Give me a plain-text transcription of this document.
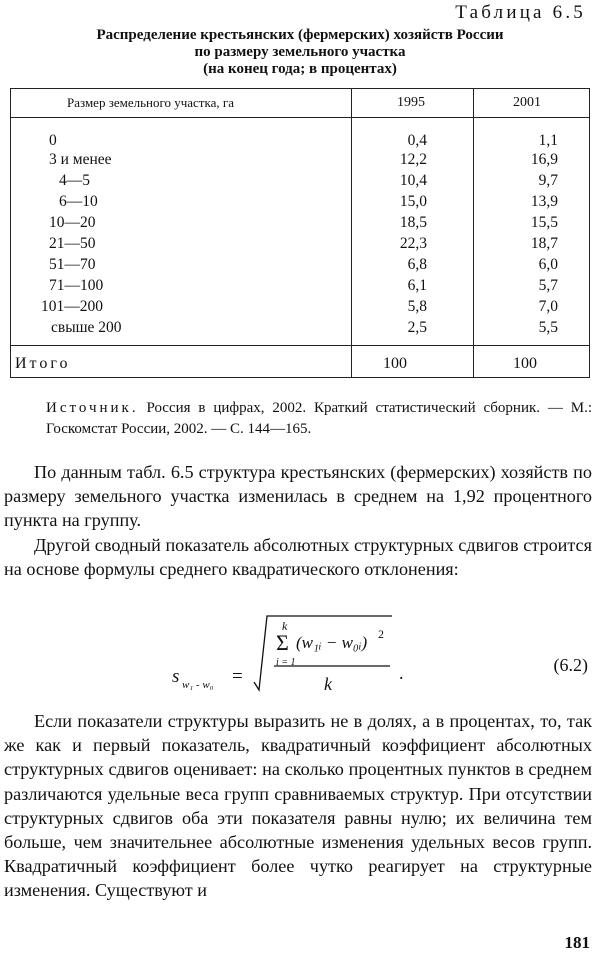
Таблица 6.5
Распределение крестьянских (фермерских) хозяйств России
по размеру земельного участка
(на конец года; в процентах)
Размер земельного участка, га	1995	2001
0	0,4	1,1
3 и менее	12,2	16,9
4—5	10,4	9,7
6—10	15,0	13,9
10—20	18,5	15,5
21—50	22,3	18,7
51—70	6,8	6,0
71—100	6,1	5,7
101—200	5,8	7,0
свыше 200	2,5	5,5
Итого	100	100
Источник. Россия в цифрах, 2002. Краткий статистический сборник. — М.: Госкомстат России, 2002. — С. 144—165.
По данным табл. 6.5 структура крестьянских (фермерских) хозяйств по размеру земельного участка изменилась в среднем на 1,92 процентного пункта на группу.
Другой сводный показатель абсолютных структурных сдвигов строится на основе формулы среднего квадратического отклонения:
s w₁ - w₀ =
k
Σ
i = 1
(w₁ᵢ − w₀ᵢ) 2
k
.	(6.2)
Если показатели структуры выразить не в долях, а в процентах, то, так же как и первый показатель, квадратичный коэффициент абсолютных структурных сдвигов оценивает: на сколько процентных пунктов в среднем различаются удельные веса групп сравниваемых структур. При отсутствии структурных сдвигов оба эти показателя равны нулю; их величина тем больше, чем значительнее абсолютные изменения удельных весов групп. Квадратичный коэффициент более чутко реагирует на структурные изменения. Существуют и
181
